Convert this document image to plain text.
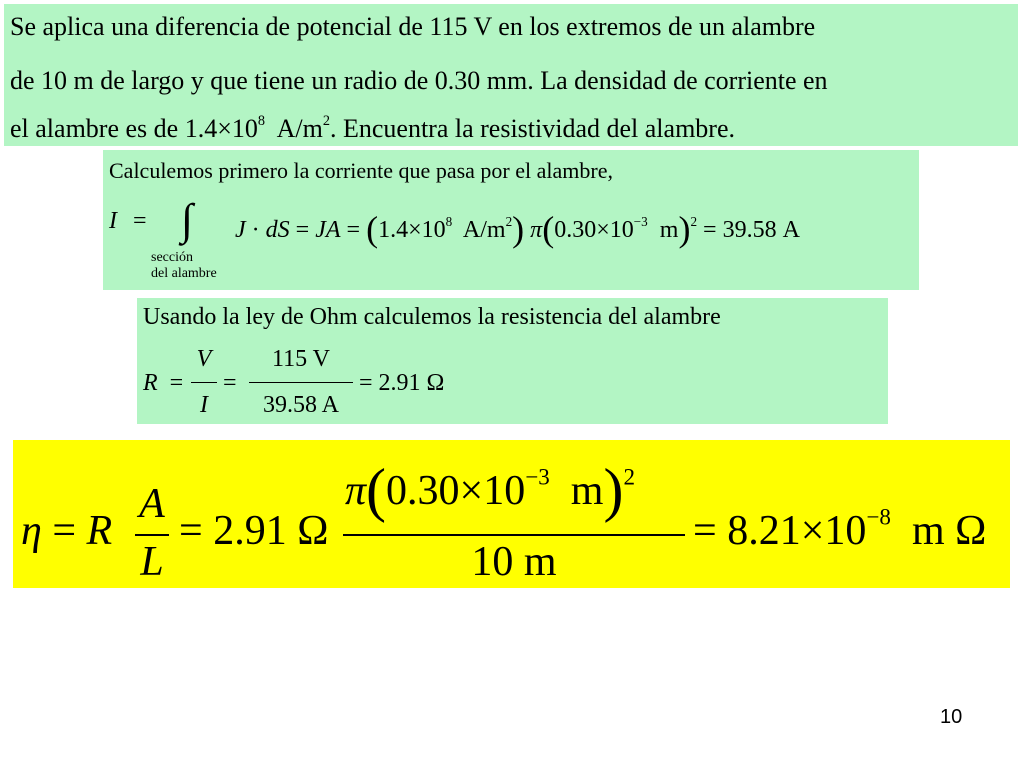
Se aplica una diferencia de potencial de 115 V en los extremos de un alambre
de 10 m de largo y que tiene un radio de 0.30 mm. La densidad de corriente en
el alambre es de $1.4\times 10^8$ $A/m^2$. Encuentra la resistividad del alambre.
Calculemos primero la corriente que pasa por el alambre,
I = ∫
sección
del alambre
J · dS = JA = ($1.4\times 10^8$ $A/m^2$) $\pi(0.30\times 10^{-3}$ m)$^2$ = 39.58 A
Usando la ley de Ohm calculemos la resistencia del alambre
R =
V
I
=
115 V
39.58 A
= 2.91 Ω
η = R
A
L
= 2.91 Ω
$\pi(0.30\times 10^{-3}$ m)$^2$
10 m
= $8.21\times 10^{-8}$ m Ω
10
